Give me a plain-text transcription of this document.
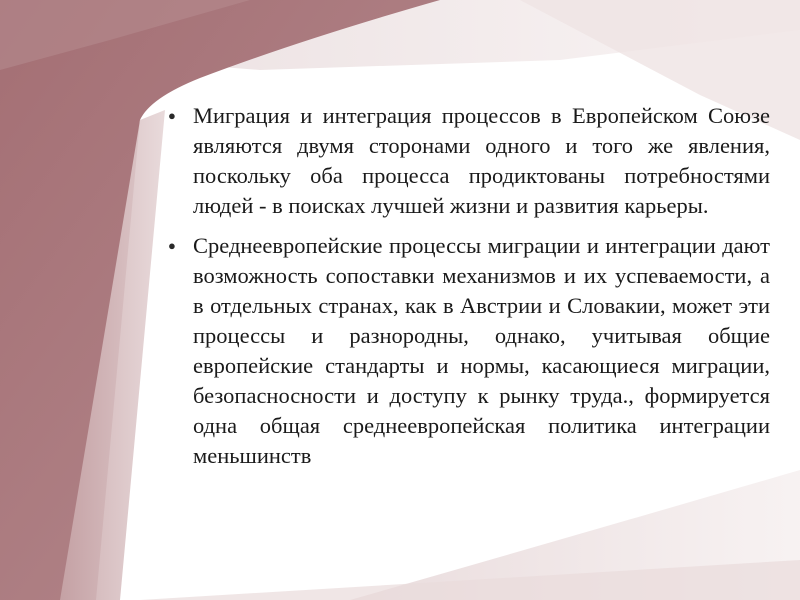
● Миграция и интеграция процессов в Европейском Союзе являются двумя сторонами одного и того же явления, поскольку оба процесса продиктованы потребностями людей - в поисках лучшей жизни и развития карьеры.
● Среднеевропейские процессы миграции и интеграции дают возможность сопоставки механизмов и их успеваемости, а в отдельных странах, как в Австрии и Словакии, может эти процессы и разнородны, однако, учитывая общие европейские стандарты и нормы, касающиеся миграции, безопасносности и доступу к рынку труда., формируется одна общая среднеевропейская политика интеграции меньшинств
